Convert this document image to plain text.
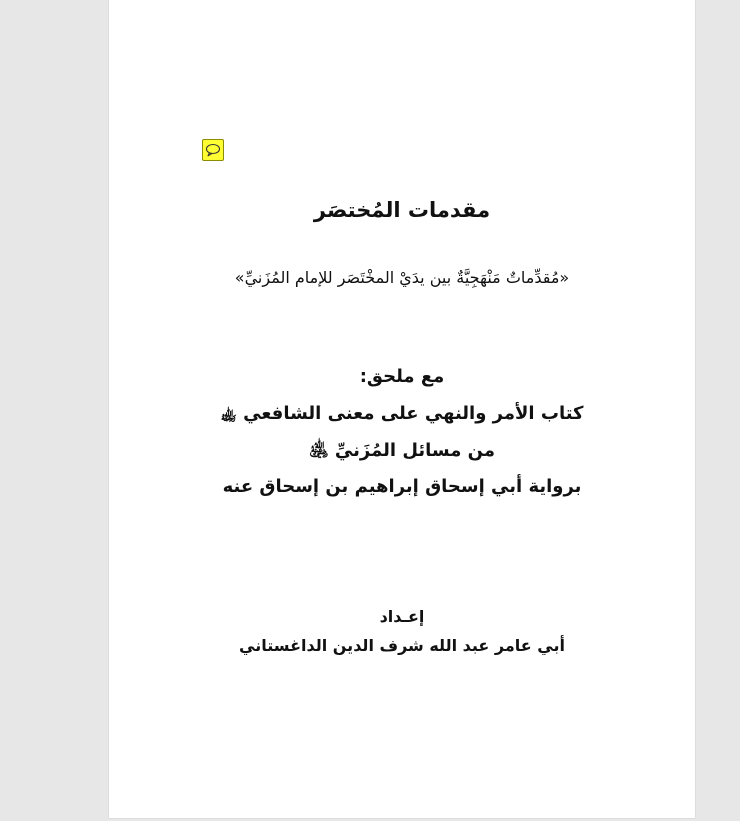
مقدمات المُختصَر
«مُقدِّماتٌ مَنْهَجِيَّةٌ بين يدَيْ المخْتَصَر للإمام المُزَنيِّ»
مع ملحق:
كتاب الأمر والنهي على معنى الشافعي ﵀
من مسائل المُزَنيِّ ﵁
برواية أبي إسحاق إبراهيم بن إسحاق عنه
إعـداد
أبي عامر عبد الله شرف الدين الداغستاني
